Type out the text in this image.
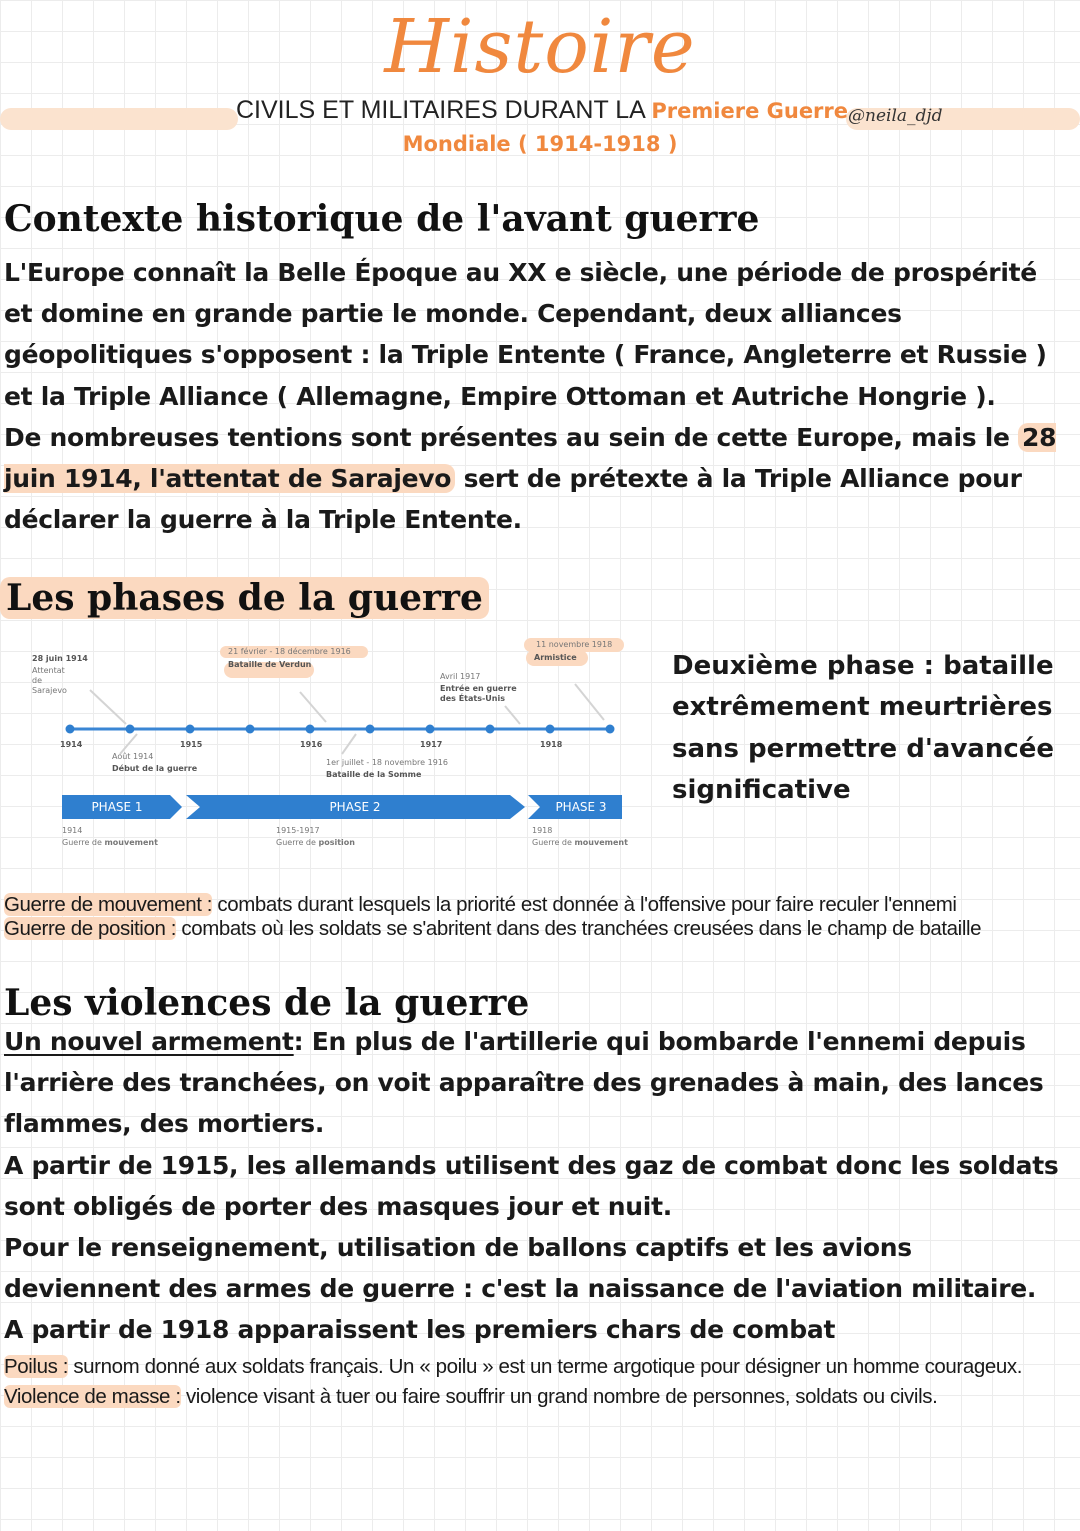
Histoire
CIVILS ET MILITAIRES DURANT LA Premiere Guerre @neila_djd
Mondiale ( 1914-1918 )
Contexte historique de l'avant guerre

L'Europe connaît la Belle Époque au XX e siècle, une période de prospérité et domine en grande partie le monde. Cependant, deux alliances géopolitiques s'opposent : la Triple Entente ( France, Angleterre et Russie ) et la Triple Alliance ( Allemagne, Empire Ottoman et Autriche Hongrie ).

De nombreuses tentions sont présentes au sein de cette Europe, mais le 28 juin 1914, l'attentat de Sarajevo sert de prétexte à la Triple Alliance pour déclarer la guerre à la Triple Entente.

Les phases de la guerre
28 juin 1914
Attentat de Sarajevo
21 février - 18 décembre 1916
Bataille de Verdun
11 novembre 1918
Armistice
Avril 1917
Entrée en guerre des États-Unis
1914	1915	1916	1917	1918
Août 1914
Début de la guerre
1er juillet - 18 novembre 1916
Bataille de la Somme
PHASE 1	PHASE 2	PHASE 3
1914
Guerre de mouvement
1915-1917
Guerre de position
1918
Guerre de mouvement
Deuxième phase : bataille extrêmement meurtrières sans permettre d'avancée significative
Guerre de mouvement : combats durant lesquels la priorité est donnée à l'offensive pour faire reculer l'ennemi
Guerre de position : combats où les soldats se s'abritent dans des tranchées creusées dans le champ de bataille
Les violences de la guerre

Un nouvel armement: En plus de l'artillerie qui bombarde l'ennemi depuis l'arrière des tranchées, on voit apparaître des grenades à main, des lances flammes, des mortiers.

A partir de 1915, les allemands utilisent des gaz de combat donc les soldats sont obligés de porter des masques jour et nuit.

Pour le renseignement, utilisation de ballons captifs et les avions deviennent des armes de guerre : c'est la naissance de l'aviation militaire.

A partir de 1918 apparaissent les premiers chars de combat

Poilus : surnom donné aux soldats français. Un « poilu » est un terme argotique pour désigner un homme courageux.
Violence de masse : violence visant à tuer ou faire souffrir un grand nombre de personnes, soldats ou civils.
